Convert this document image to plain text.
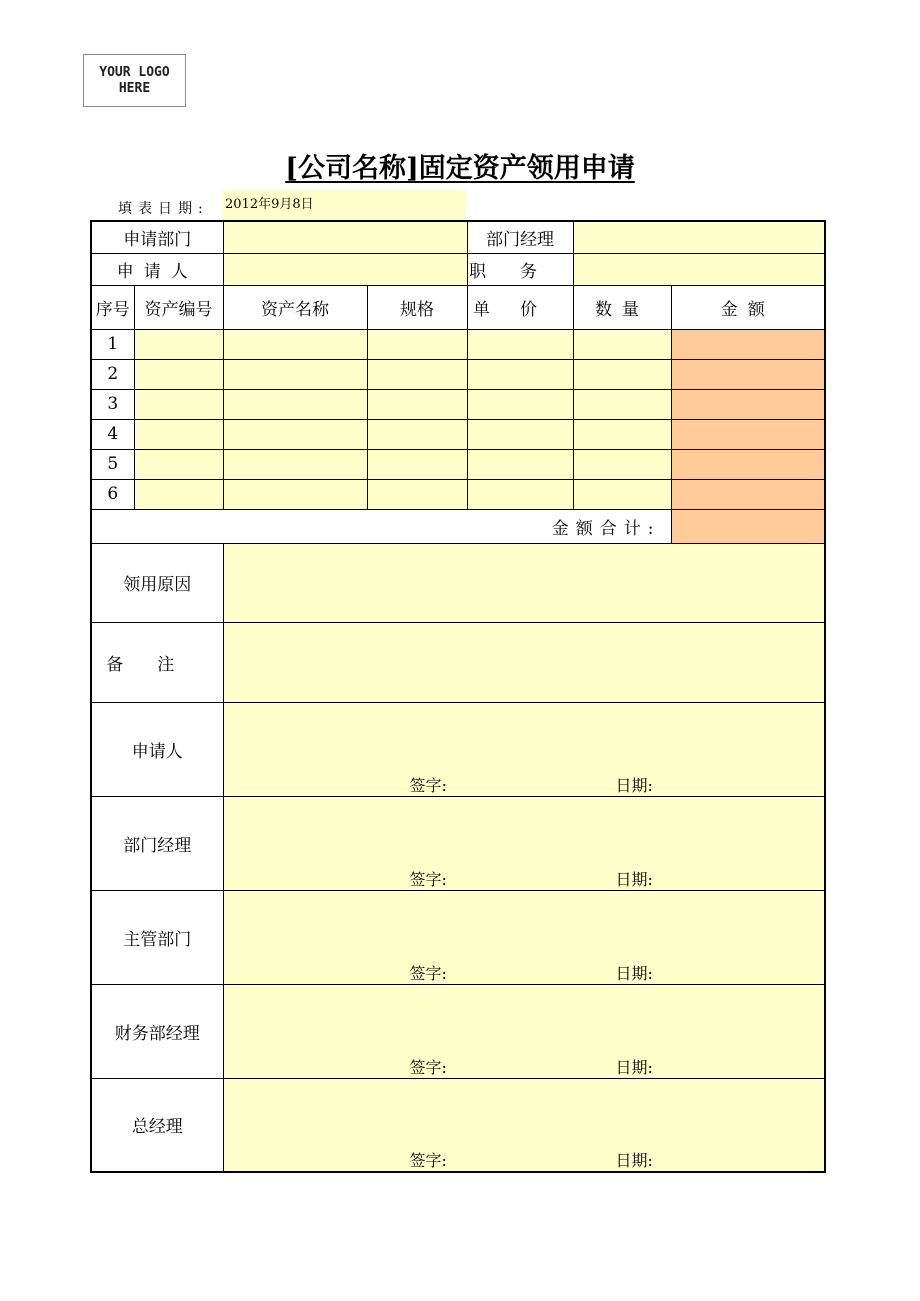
YOUR LOGO
HERE
[公司名称]固定资产领用申请
填表日期: 2012年9月8日
申请部门				部门经理		
申请人				职务		
序号	资产编号	资产名称	规格	单价	数量	金额
1						
2						
3						
4						
5						
6						
金额合计:						
领用原因						
备注						
申请人		签字: 日期:				

部门经理		签字: 日期:				

主管部门		签字: 日期:				

财务部经理		签字: 日期:				

总经理		签字: 日期:				
